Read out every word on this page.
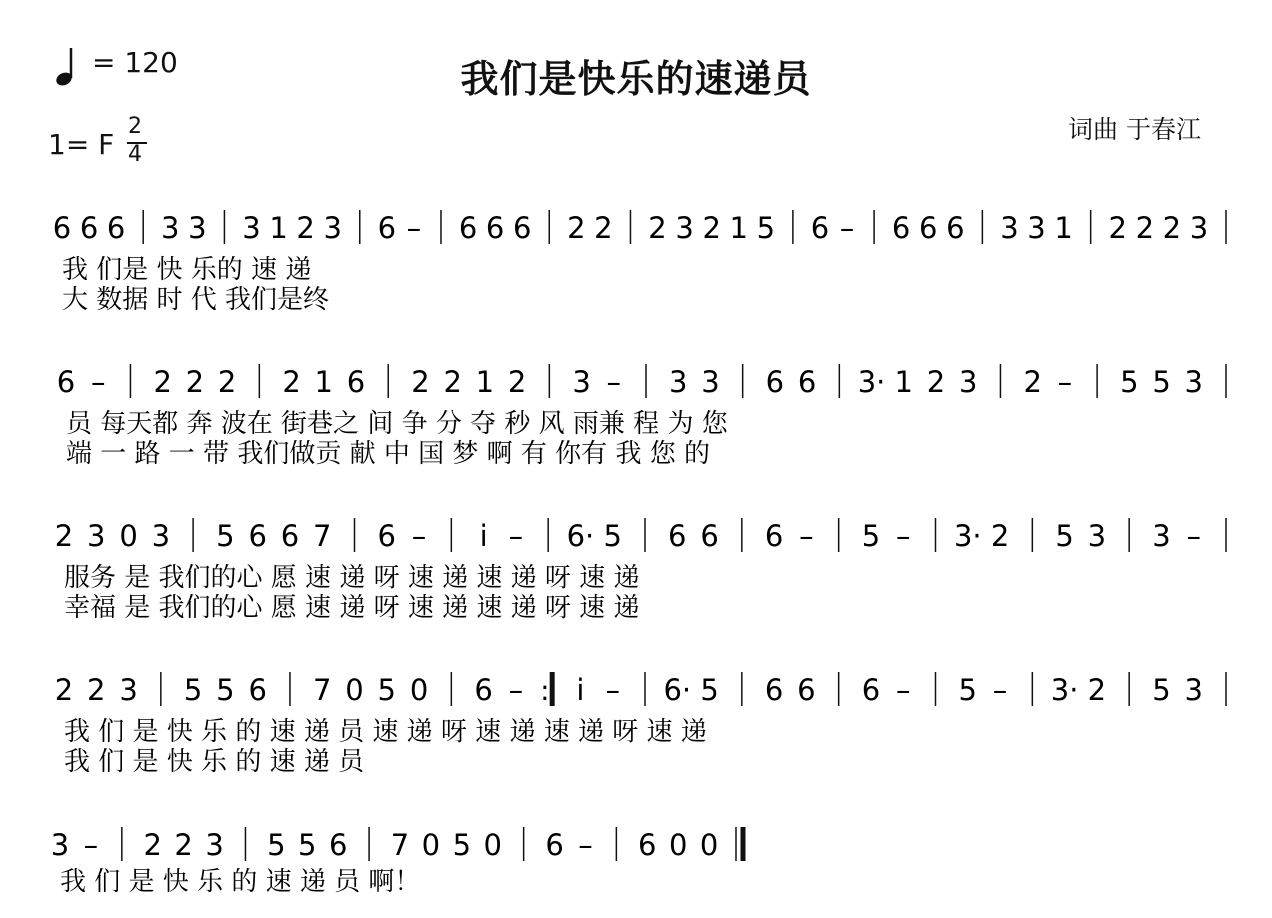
= 120	我们是快乐的速递员
1= F
2
4
词曲 于春江
6 6 6 3 3 3 1 2 3 6 – 6 6 6 2 2 2 3 2 1 5 6 – 6 6 6 3 3 1 2 2 2 3
我 们是 快 乐的 速 递
大 数据 时 代 我们是终
6 – 2 2 2 2 1 6 2 2 1 2 3 – 3 3 6 6 3· 1 2 3 2 – 5 5 3
员 每天都 奔 波在 街巷之 间 争 分 夺 秒 风 雨兼 程 为 您
端 一 路 一 带 我们做贡 献 中 国 梦 啊 有 你有 我 您 的
2 3 0 3 5 6 6 7 6 – i – 6· 5 6 6 6 – 5 – 3· 2 5 3 3 –
服务 是 我们的心 愿 速 递 呀 速 递 速 递 呀 速 递
幸福 是 我们的心 愿 速 递 呀 速 递 速 递 呀 速 递
2 2 3 5 5 6 7 0 5 0 6 – : i – 6· 5 6 6 6 – 5 – 3· 2 5 3
我 们 是 快 乐 的 速 递 员 速 递 呀 速 递 速 递 呀 速 递
我 们 是 快 乐 的 速 递 员
3 – 2 2 3 5 5 6 7 0 5 0 6 – 6 0 0
我 们 是 快 乐 的 速 递 员 啊！
